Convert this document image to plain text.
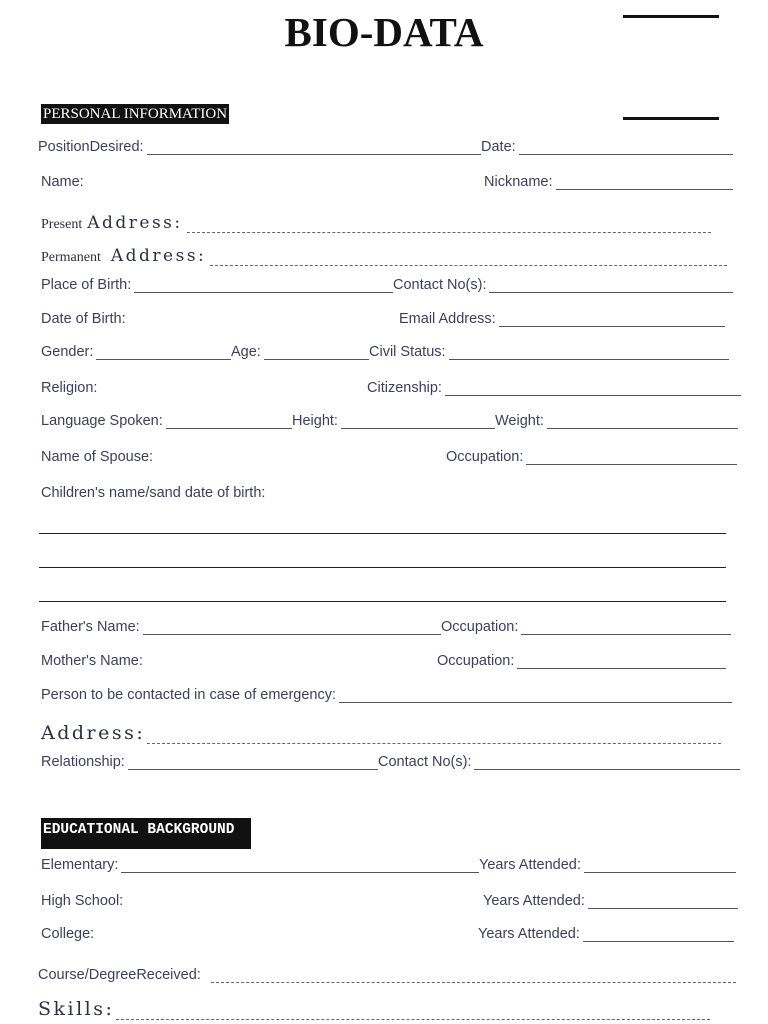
BIO-DATA
PERSONAL INFORMATION
PositionDesired:	Date:
Name:	Nickname:
Present Address:
Permanent Address:
Place of Birth:	Contact No(s):
Date of Birth:	Email Address:
Gender:	Age:	Civil Status:
Religion:	Citizenship:
Language Spoken:	Height:	Weight:
Name of Spouse:	Occupation:
Children's name/sand date of birth:
Father's Name:	Occupation:
Mother's Name:	Occupation:
Person to be contacted in case of emergency:
Address:
Relationship:	Contact No(s):
EDUCATIONAL BACKGROUND
Elementary:	Years Attended:
High School:	Years Attended:
College:	Years Attended:
Course/DegreeReceived:
Skills:
